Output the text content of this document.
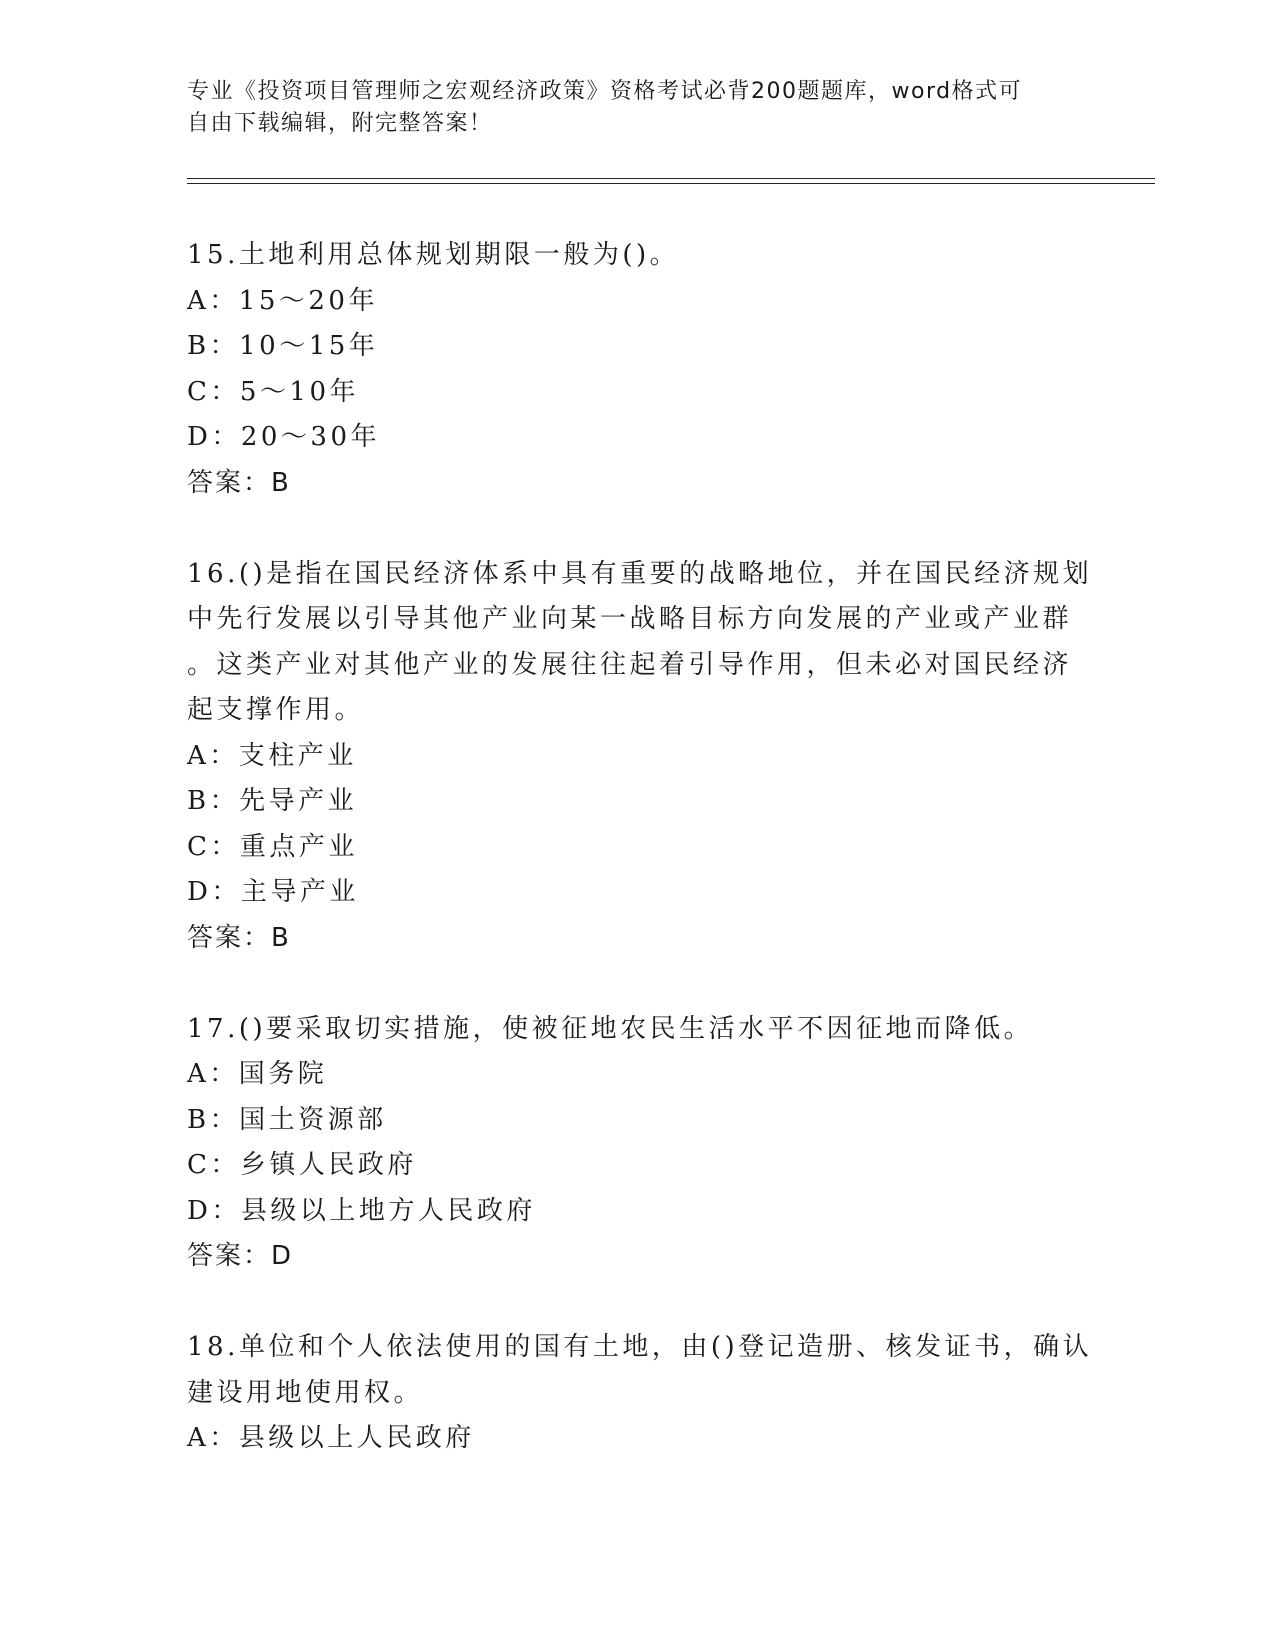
专业《投资项目管理师之宏观经济政策》资格考试必背200题题库，word格式可
自由下载编辑，附完整答案！
15.土地利用总体规划期限一般为()。
A：15～20年
B：10～15年
C：5～10年
D：20～30年
答案：B
16.()是指在国民经济体系中具有重要的战略地位，并在国民经济规划
中先行发展以引导其他产业向某一战略目标方向发展的产业或产业群
。这类产业对其他产业的发展往往起着引导作用，但未必对国民经济
起支撑作用。
A：支柱产业
B：先导产业
C：重点产业
D：主导产业
答案：B
17.()要采取切实措施，使被征地农民生活水平不因征地而降低。
A：国务院
B：国土资源部
C：乡镇人民政府
D：县级以上地方人民政府
答案：D
18.单位和个人依法使用的国有土地，由()登记造册、核发证书，确认
建设用地使用权。
A：县级以上人民政府
